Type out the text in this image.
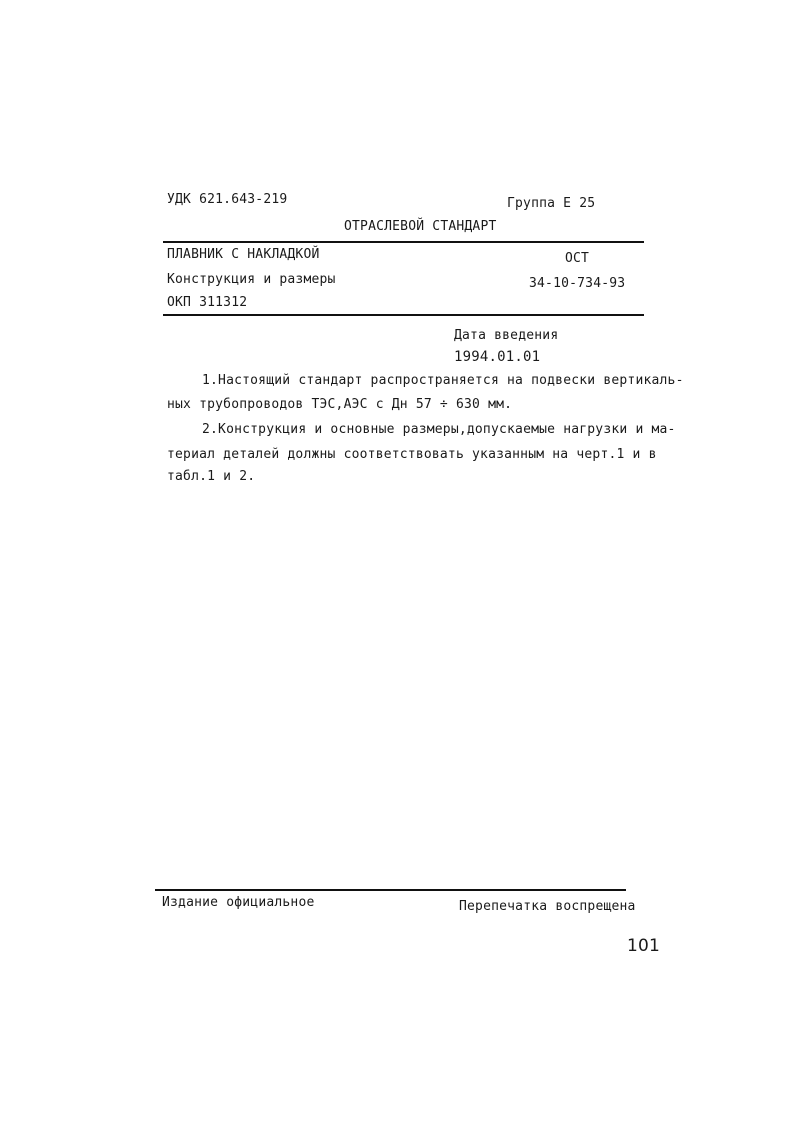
УДК 621.643-219	Группа Е 25
ОТРАСЛЕВОЙ СТАНДАРТ
ПЛАВНИК С НАКЛАДКОЙ	ОСТ
Конструкция и размеры	34-10-734-93
ОКП 311312
Дата введения
1994.01.01
1.Настоящий стандарт распространяется на подвески вертикаль-
ных трубопроводов ТЭС,АЭС с Дн 57 ÷ 630 мм.
2.Конструкция и основные размеры,допускаемые нагрузки и ма-
териал деталей должны соответствовать указанным на черт.1 и в
табл.1 и 2.
Издание официальное	Перепечатка воспрещена
101
